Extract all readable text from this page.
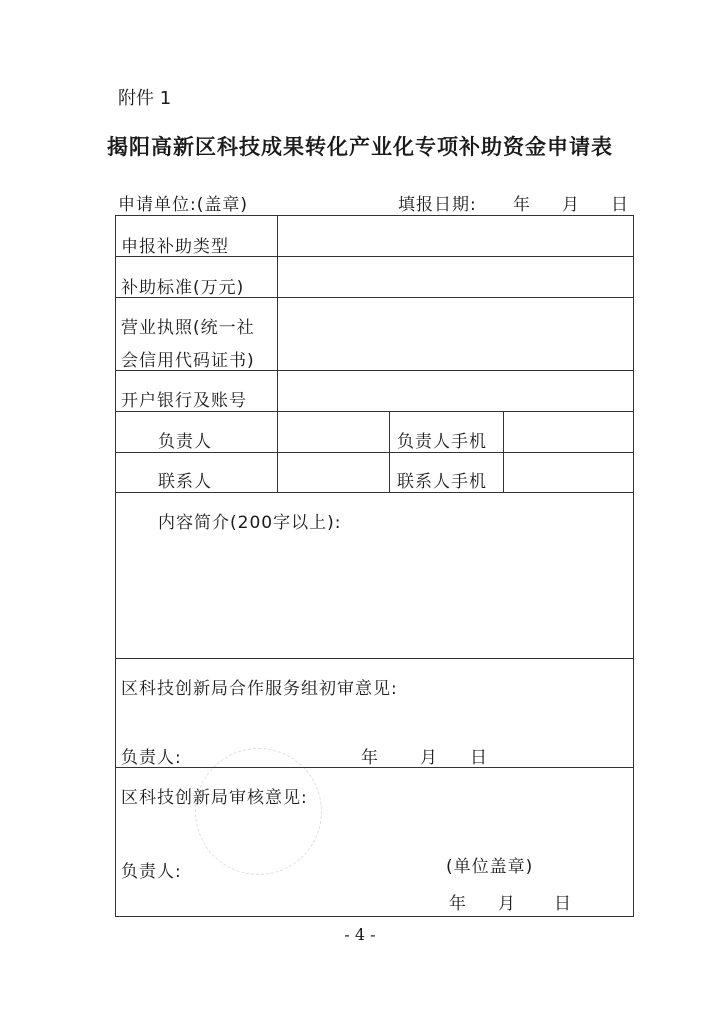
附件 1
揭阳高新区科技成果转化产业化专项补助资金申请表
申请单位:(盖章)	填报日期: 年 月 日
申报补助类型
补助标准(万元)
营业执照(统一社
会信用代码证书)
开户银行及账号
负责人	负责人手机
联系人	联系人手机
内容简介(200字以上):
区科技创新局合作服务组初审意见:
负责人:	年 月 日
区科技创新局审核意见:
负责人:	(单位盖章)
年 月 日
- 4 -
